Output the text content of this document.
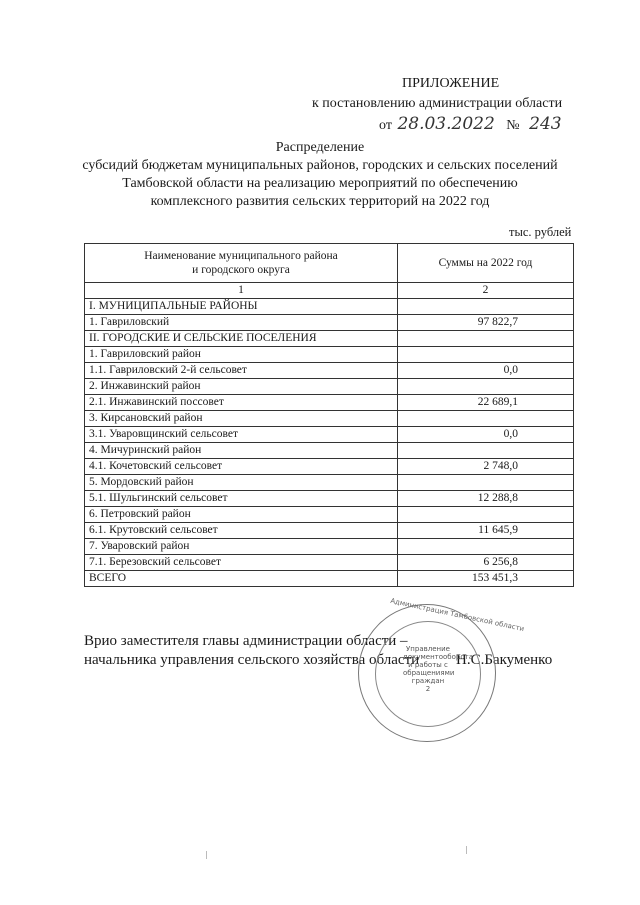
ПРИЛОЖЕНИЕ
к постановлению администрации области
от 28.03.2022 № 243
Распределение
субсидий бюджетам муниципальных районов, городских и сельских поселений
Тамбовской области на реализацию мероприятий по обеспечению
комплексного развития сельских территорий на 2022 год
тыс. рублей
Наименование муниципального района
и городского округа	Суммы на 2022 год
1	2
I. МУНИЦИПАЛЬНЫЕ РАЙОНЫ	
1. Гавриловский	97 822,7
II. ГОРОДСКИЕ И СЕЛЬСКИЕ ПОСЕЛЕНИЯ	
1. Гавриловский район	
1.1. Гавриловский 2-й сельсовет	0,0
2. Инжавинский район	
2.1. Инжавинский поссовет	22 689,1
3. Кирсановский район	
3.1. Уваровщинский сельсовет	0,0
4. Мичуринский район	
4.1. Кочетовский сельсовет	2 748,0
5. Мордовский район	
5.1. Шульгинский сельсовет	12 288,8
6. Петровский район	
6.1. Крутовский сельсовет	11 645,9
7. Уваровский район	
7.1. Березовский сельсовет	6 256,8
ВСЕГО	153 451,3
Врио заместителя главы администрации области –
начальника управления сельского хозяйства области Н.С.Бакуменко
Администрация Тамбовской области
Управление документооборота и работы с обращениями граждан
2
